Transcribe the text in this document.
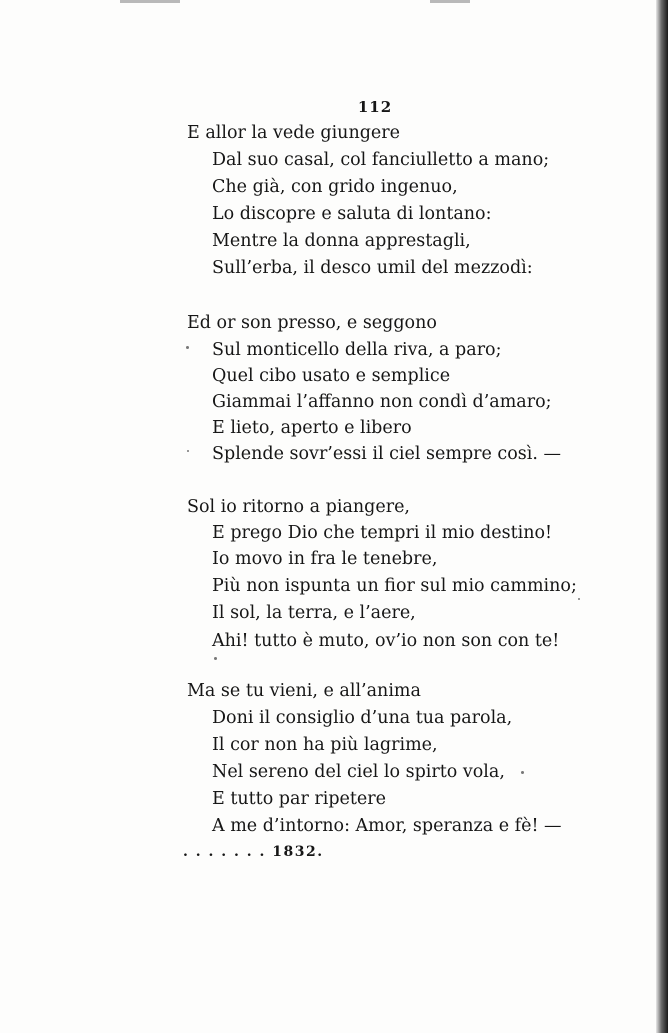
112
E allor la vede giungere
Dal suo casal, col fanciulletto a mano;
Che già, con grido ingenuo,
Lo discopre e saluta di lontano:
Mentre la donna apprestagli,
Sull’erba, il desco umil del mezzodì:
Ed or son presso, e seggono
Sul monticello della riva, a paro;
Quel cibo usato e semplice
Giammai l’affanno non condì d’amaro;
E lieto, aperto e libero
Splende sovr’essi il ciel sempre così. —
Sol io ritorno a piangere,
E prego Dio che tempri il mio destino!
Io movo in fra le tenebre,
Più non ispunta un fior sul mio cammino;
Il sol, la terra, e l’aere,
Ahi! tutto è muto, ov’io non son con te!
Ma se tu vieni, e all’anima
Doni il consiglio d’una tua parola,
Il cor non ha più lagrime,
Nel sereno del ciel lo spirto vola,
E tutto par ripetere
A me d’intorno: Amor, speranza e fè! —
. . . . . . . 1832.
